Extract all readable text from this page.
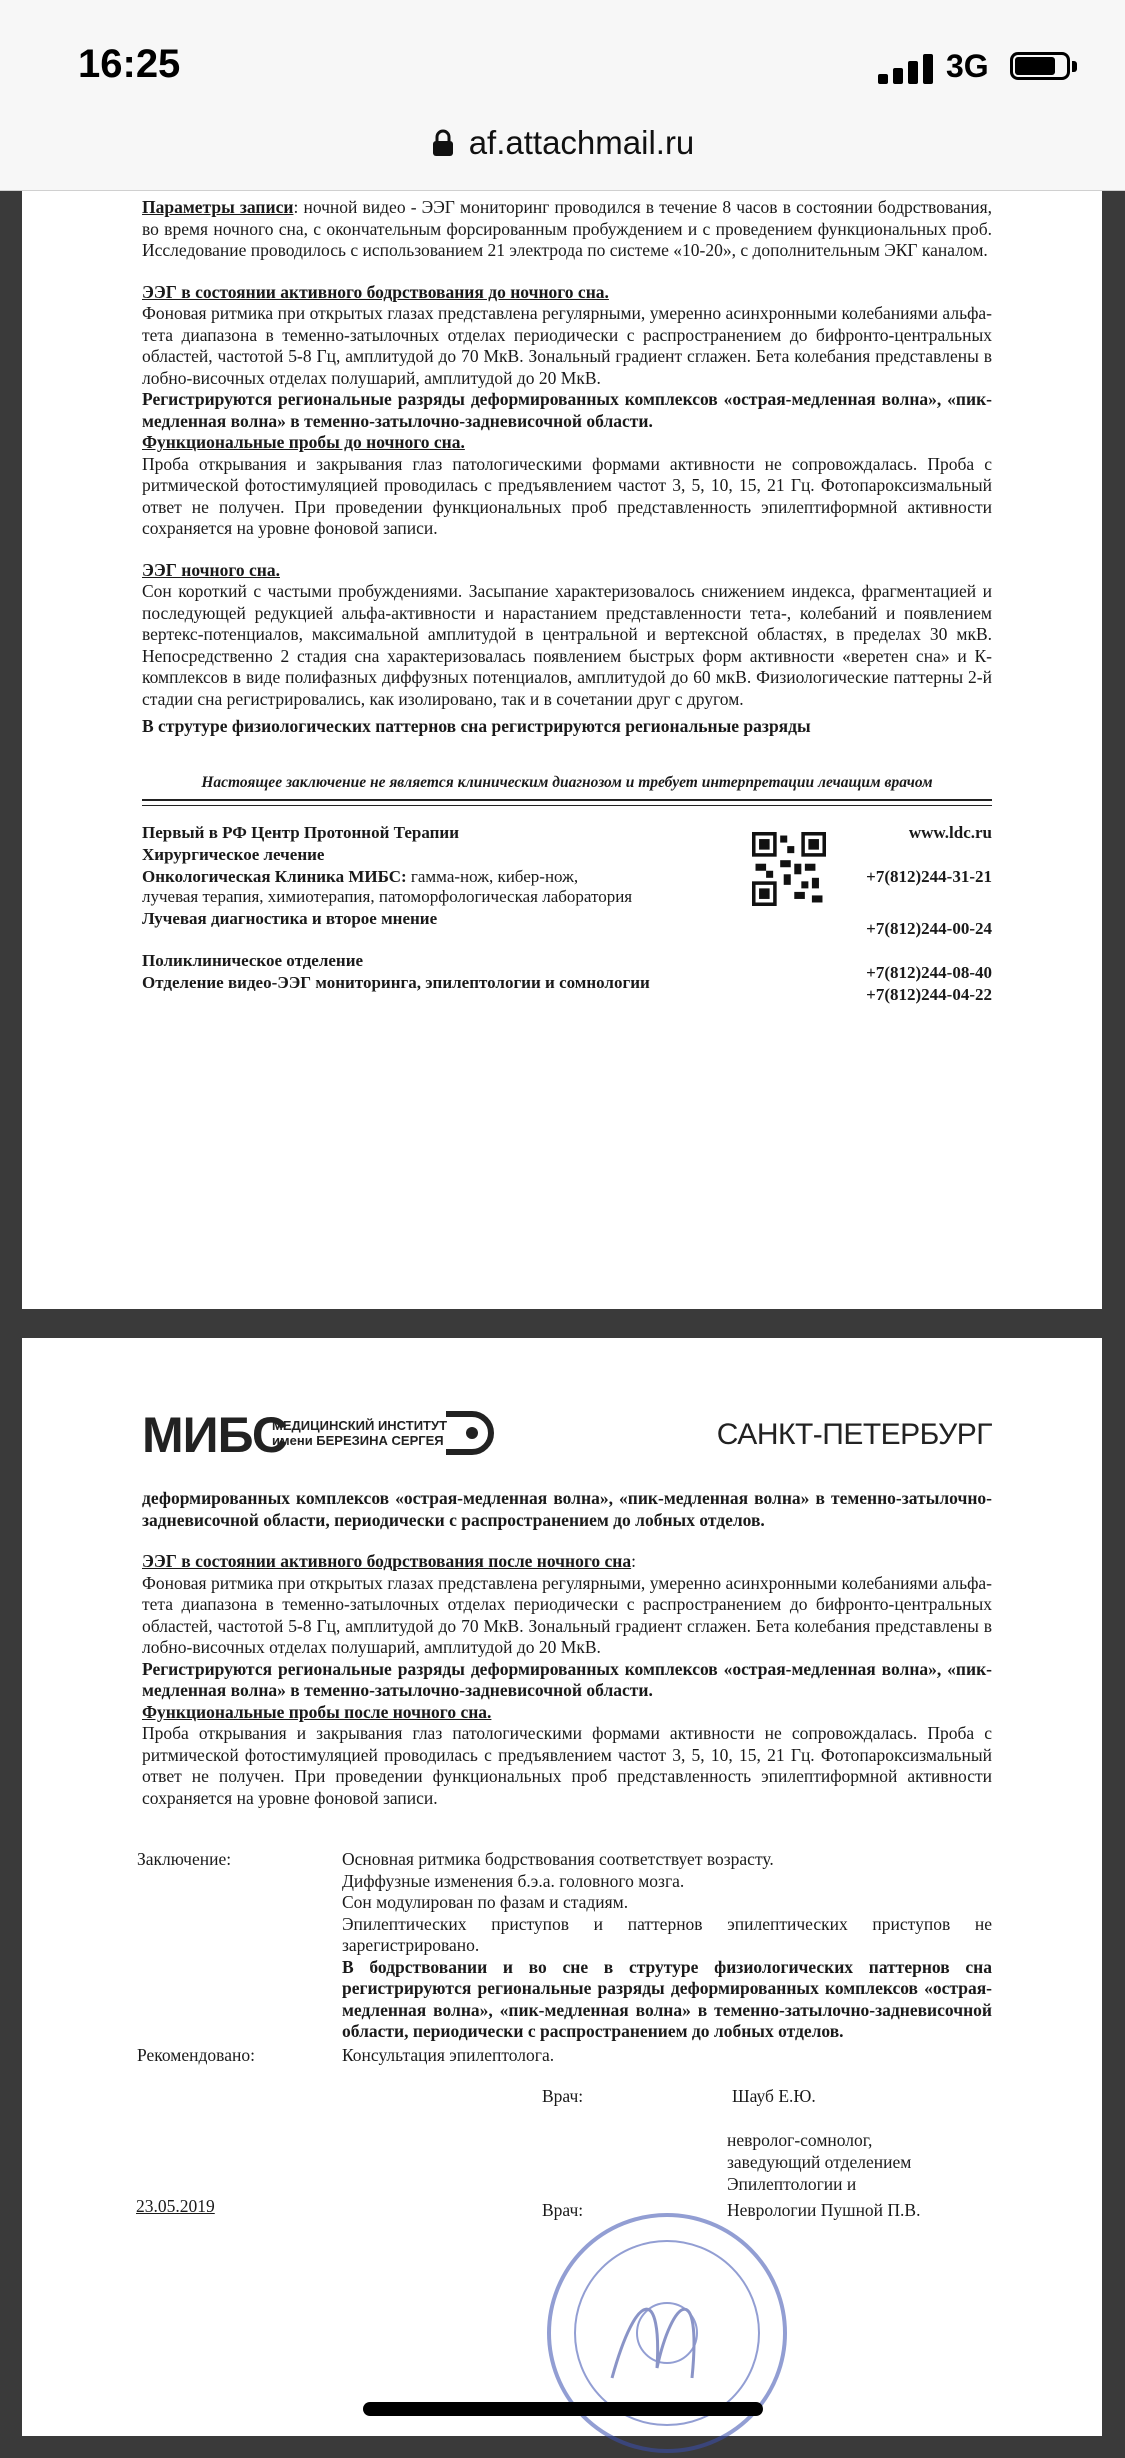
16:25	3G
af.attachmail.ru

Параметры записи: ночной видео - ЭЭГ мониторинг проводился в течение 8 часов в состоянии бодрствования, во время ночного сна, с окончательным форсированным пробуждением и с проведением функциональных проб. Исследование проводилось с использованием 21 электрода по системе «10-20», с дополнительным ЭКГ каналом.

ЭЭГ в состоянии активного бодрствования до ночного сна.

Фоновая ритмика при открытых глазах представлена регулярными, умеренно асинхронными колебаниями альфа-тета диапазона в теменно-затылочных отделах периодически с распространением до бифронто-центральных областей, частотой 5-8 Гц, амплитудой до 70 МкВ. Зональный градиент сглажен. Бета колебания представлены в лобно-височных отделах полушарий, амплитудой до 20 МкВ.

Регистрируются региональные разряды деформированных комплексов «острая-медленная волна», «пик-медленная волна» в теменно-затылочно-задневисочной области.

Функциональные пробы до ночного сна.

Проба открывания и закрывания глаз патологическими формами активности не сопровождалась. Проба с ритмической фотостимуляцией проводилась с предъявлением частот 3, 5, 10, 15, 21 Гц. Фотопароксизмальный ответ не получен. При проведении функциональных проб представленность эпилептиформной активности сохраняется на уровне фоновой записи.

ЭЭГ ночного сна.

Сон короткий с частыми пробуждениями. Засыпание характеризовалось снижением индекса, фрагментацией и последующей редукцией альфа-активности и нарастанием представленности тета-, колебаний и появлением вертекс-потенциалов, максимальной амплитудой в центральной и вертексной областях, в пределах 30 мкВ. Непосредственно 2 стадия сна характеризовалась появлением быстрых форм активности «веретен сна» и К-комплексов в виде полифазных диффузных потенциалов, амплитудой до 60 мкВ. Физиологические паттерны 2-й стадии сна регистрировались, как изолировано, так и в сочетании друг с другом.

В струтуре физиологических паттернов сна регистрируются региональные разряды

Настоящее заключение не является клиническим диагнозом и требует интерпретации лечащим врачом
Первый в РФ Центр Протонной Терапии
Хирургическое лечение
Онкологическая Клиника МИБС: гамма-нож, кибер-нож,
лучевая терапия, химиотерапия, патоморфологическая лаборатория
Лучевая диагностика и второе мнение
Поликлиническое отделение
Отделение видео-ЭЭГ мониторинга, эпилептологии и сомнологии
www.ldc.ru
+7(812)244-31-21
+7(812)244-00-24
+7(812)244-08-40
+7(812)244-04-22
МИБС
МЕДИЦИНСКИЙ ИНСТИТУТ
имени БЕРЕЗИНА СЕРГЕЯ	САНКТ-ПЕТЕРБУРГ

деформированных комплексов «острая-медленная волна», «пик-медленная волна» в теменно-затылочно-задневисочной области, периодически с распространением до лобных отделов.

ЭЭГ в состоянии активного бодрствования после ночного сна:

Фоновая ритмика при открытых глазах представлена регулярными, умеренно асинхронными колебаниями альфа-тета диапазона в теменно-затылочных отделах периодически с распространением до бифронто-центральных областей, частотой 5-8 Гц, амплитудой до 70 МкВ. Зональный градиент сглажен. Бета колебания представлены в лобно-височных отделах полушарий, амплитудой до 20 МкВ.

Регистрируются региональные разряды деформированных комплексов «острая-медленная волна», «пик-медленная волна» в теменно-затылочно-задневисочной области.

Функциональные пробы после ночного сна.

Проба открывания и закрывания глаз патологическими формами активности не сопровождалась. Проба с ритмической фотостимуляцией проводилась с предъявлением частот 3, 5, 10, 15, 21 Гц. Фотопароксизмальный ответ не получен. При проведении функциональных проб представленность эпилептиформной активности сохраняется на уровне фоновой записи.

Заключение:	Основная ритмика бодрствования соответствует возрасту.
Диффузные изменения б.э.а. головного мозга.
Сон модулирован по фазам и стадиям.
Эпилептических приступов и паттернов эпилептических приступов не зарегистрировано.
В бодрствовании и во сне в струтуре физиологических паттернов сна регистрируются региональные разряды деформированных комплексов «острая-медленная волна», «пик-медленная волна» в теменно-затылочно-задневисочной области, периодически с распространением до лобных отделов.
Рекомендовано:	Консультация эпилептолога.
Врач:	Шауб Е.Ю.
невролог-сомнолог,
заведующий отделением
Эпилептологии и
23.05.2019	Врач:	Неврологии Пушной П.В.
